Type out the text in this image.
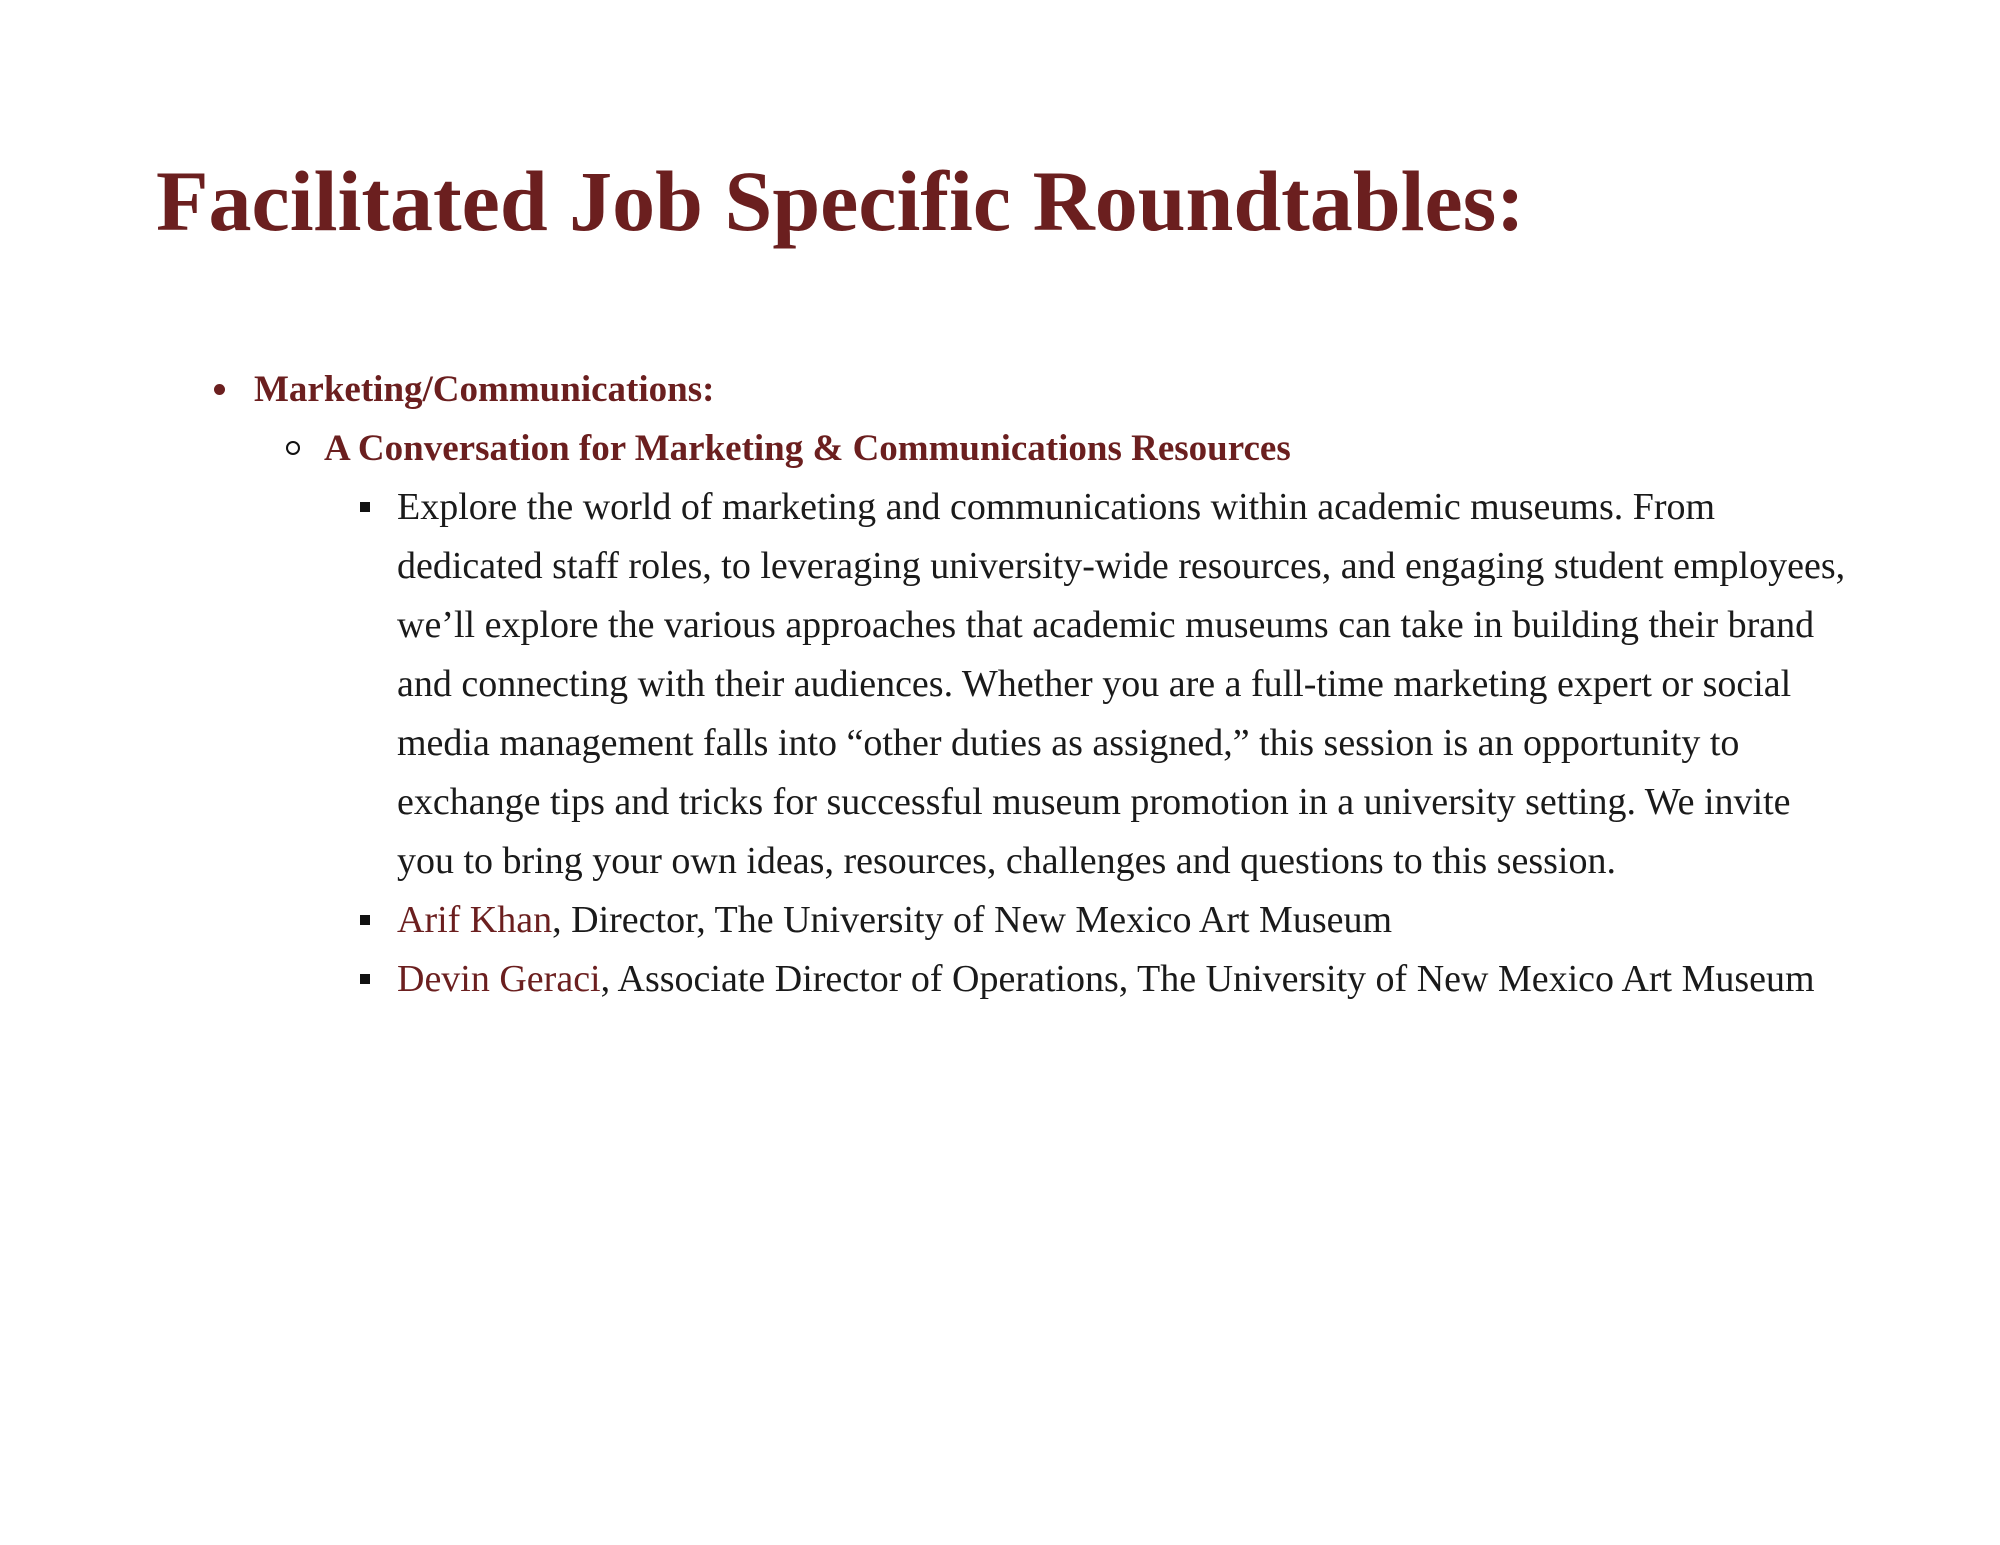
Facilitated Job Specific Roundtables:
Marketing/Communications:
A Conversation for Marketing & Communications Resources
Explore the world of marketing and communications within academic museums. From dedicated staff roles, to leveraging university-wide resources, and engaging student employees, we’ll explore the various approaches that academic museums can take in building their brand and connecting with their audiences. Whether you are a full-time marketing expert or social media management falls into “other duties as assigned,” this session is an opportunity to exchange tips and tricks for successful museum promotion in a university setting. We invite you to bring your own ideas, resources, challenges and questions to this session.
Arif Khan, Director, The University of New Mexico Art Museum
Devin Geraci, Associate Director of Operations, The University of New Mexico Art Museum
